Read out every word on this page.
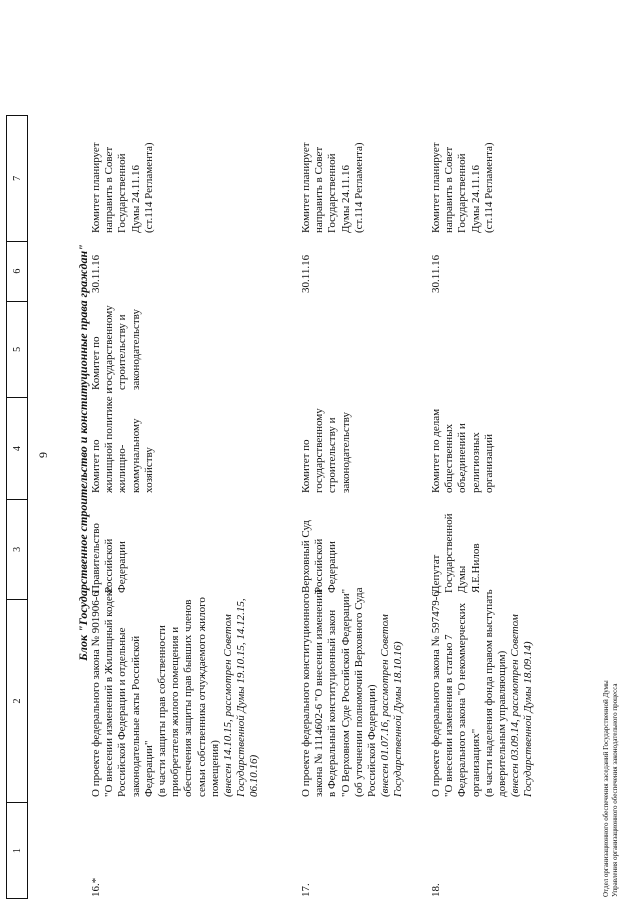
9
1
2
3
4
5
6
7
Блок "Государственное строительство и конституционные права граждан"
16.*
О проекте федерального закона № 901906-6 "О внесении изменений в Жилищный кодекс Российской Федерации и отдельные законодательные акты Российской Федерации" (в части защиты прав собственности приобретателя жилого помещения и обеспечения защиты прав бывших членов семьи собственника отчуждаемого жилого помещения) (внесен 14.10.15, рассмотрен Советом Государственной Думы 19.10.15, 14.12.15, 06.10.16)
Правительство Российской Федерации
Комитет по жилищной политике и жилищно- коммунальному хозяйству
Комитет по государственному строительству и законодательству
30.11.16
Комитет планирует направить в Совет Государственной Думы 24.11.16 (ст.114 Регламента)
17.
О проекте федерального конституционного закона № 1114602-6 "О внесении изменений в Федеральный конституционный закон "О Верховном Суде Российской Федерации" (об уточнении полномочий Верховного Суда Российской Федерации) (внесен 01.07.16, рассмотрен Советом Государственной Думы 18.10.16)
Верховный Суд Российской Федерации
Комитет по государственному строительству и законодательству
30.11.16
Комитет планирует направить в Совет Государственной Думы 24.11.16 (ст.114 Регламента)
18.
О проекте федерального закона № 597479-6 "О внесении изменения в статью 7 Федерального закона "О некоммерческих организациях" (в части наделения фонда правом выступать доверительным управляющим) (внесен 03.09.14, рассмотрен Советом Государственной Думы 18.09.14)
Депутат Государственной Думы Я.Е.Нилов
Комитет по делам общественных объединений и религиозных организаций
30.11.16
Комитет планирует направить в Совет Государственной Думы 24.11.16 (ст.114 Регламента)
Отдел организационного обеспечения заседаний Государственной Думы Управления организационного обеспечения законодательного процесса
